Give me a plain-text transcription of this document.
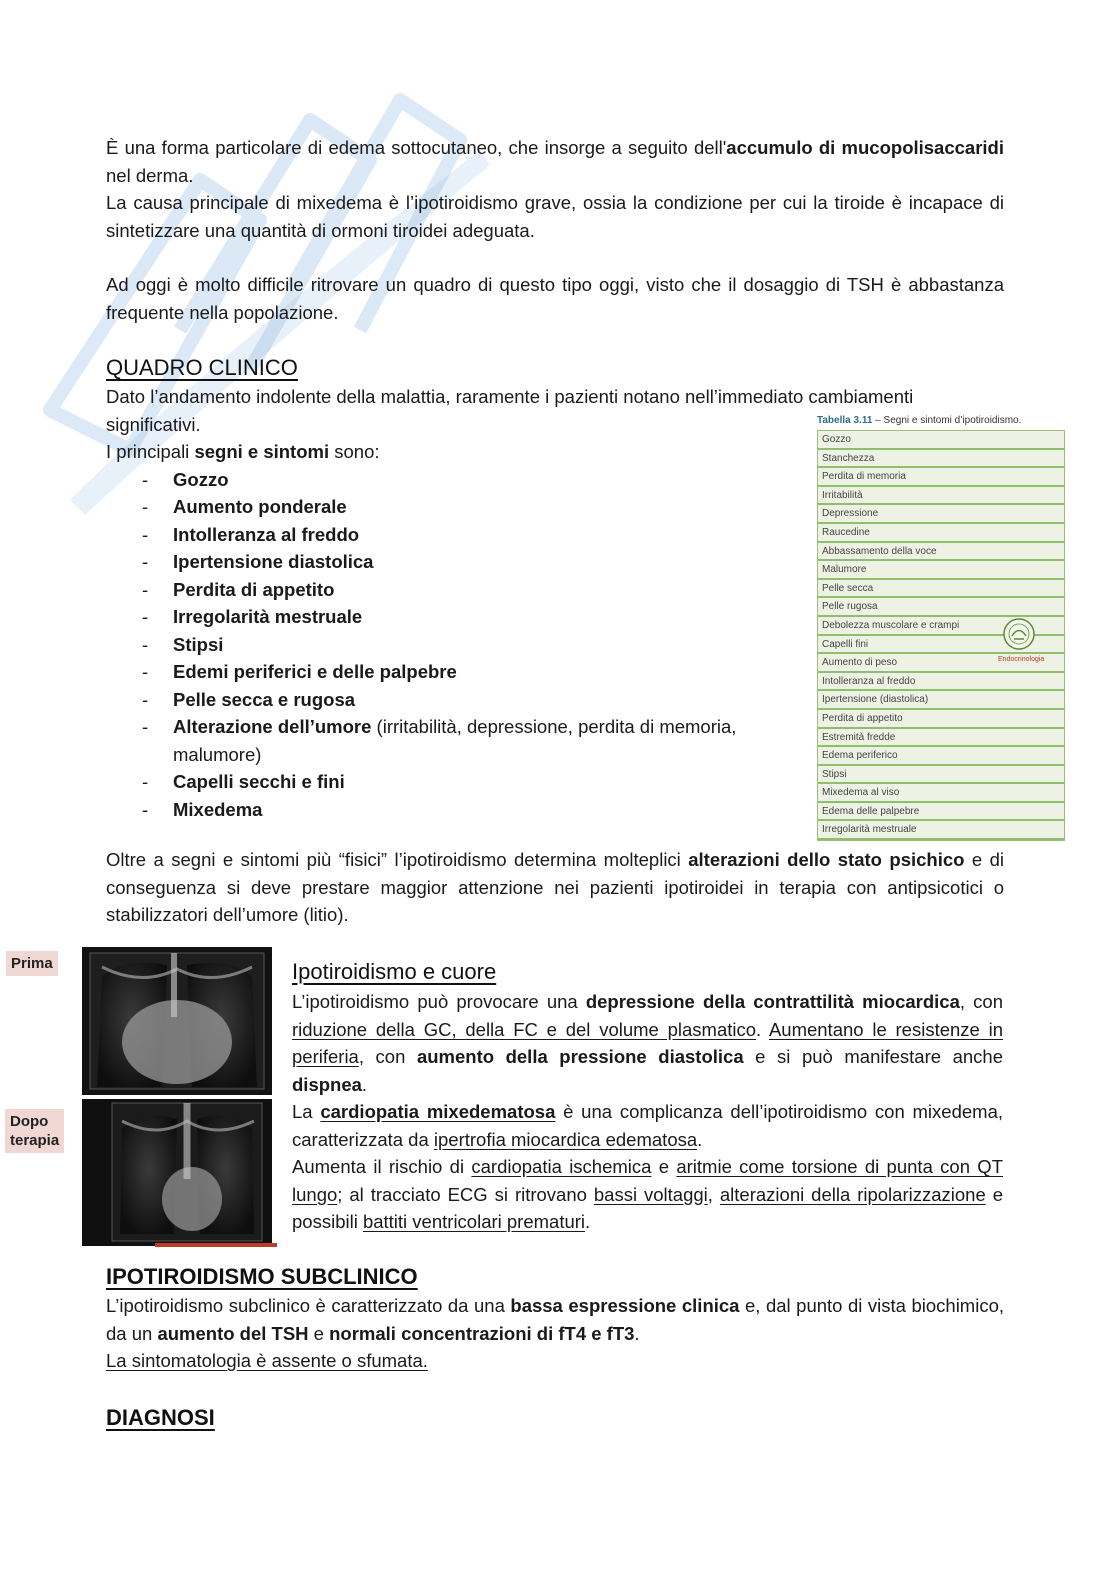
È una forma particolare di edema sottocutaneo, che insorge a seguito dell'accumulo di mucopolisaccaridi nel derma.

La causa principale di mixedema è l’ipotiroidismo grave, ossia la condizione per cui la tiroide è incapace di sintetizzare una quantità di ormoni tiroidei adeguata.

Ad oggi è molto difficile ritrovare un quadro di questo tipo oggi, visto che il dosaggio di TSH è abbastanza frequente nella popolazione.

QUADRO CLINICO

Dato l’andamento indolente della malattia, raramente i pazienti notano nell’immediato cambiamenti

significativi.

I principali segni e sintomi sono:

- Gozzo
- Aumento ponderale
- Intolleranza al freddo
- Ipertensione diastolica
- Perdita di appetito
- Irregolarità mestruale
- Stipsi
- Edemi periferici e delle palpebre
- Pelle secca e rugosa
- Alterazione dell’umore (irritabilità, depressione, perdita di memoria,
malumore)
- Capelli secchi e fini
- Mixedema
Tabella 3.11 – Segni e sintomi d’ipotiroidismo.
Gozzo
Stanchezza
Perdita di memoria
Irritabilità
Depressione
Raucedine
Abbassamento della voce
Malumore
Pelle secca
Pelle rugosa
Debolezza muscolare e crampi
Capelli fini
Aumento di peso
Intolleranza al freddo
Ipertensione (diastolica)
Perdita di appetito
Estremità fredde
Edema periferico
Stipsi
Mixedema al viso
Edema delle palpebre
Irregolarità mestruale
Endocrinologia

Oltre a segni e sintomi più “fisici” l’ipotiroidismo determina molteplici alterazioni dello stato psichico e di conseguenza si deve prestare maggior attenzione nei pazienti ipotiroidei in terapia con antipsicotici o stabilizzatori dell’umore (litio).

Prima
Dopo
terapia
Ipotiroidismo e cuore

L’ipotiroidismo può provocare una depressione della contrattilità miocardica, con riduzione della GC, della FC e del volume plasmatico. Aumentano le resistenze in periferia, con aumento della pressione diastolica e si può manifestare anche dispnea.

La cardiopatia mixedematosa è una complicanza dell’ipotiroidismo con mixedema, caratterizzata da ipertrofia miocardica edematosa.

Aumenta il rischio di cardiopatia ischemica e aritmie come torsione di punta con QT lungo; al tracciato ECG si ritrovano bassi voltaggi, alterazioni della ripolarizzazione e possibili battiti ventricolari prematuri.

IPOTIROIDISMO SUBCLINICO

L’ipotiroidismo subclinico è caratterizzato da una bassa espressione clinica e, dal punto di vista biochimico, da un aumento del TSH e normali concentrazioni di fT4 e fT3.

La sintomatologia è assente o sfumata.

DIAGNOSI
